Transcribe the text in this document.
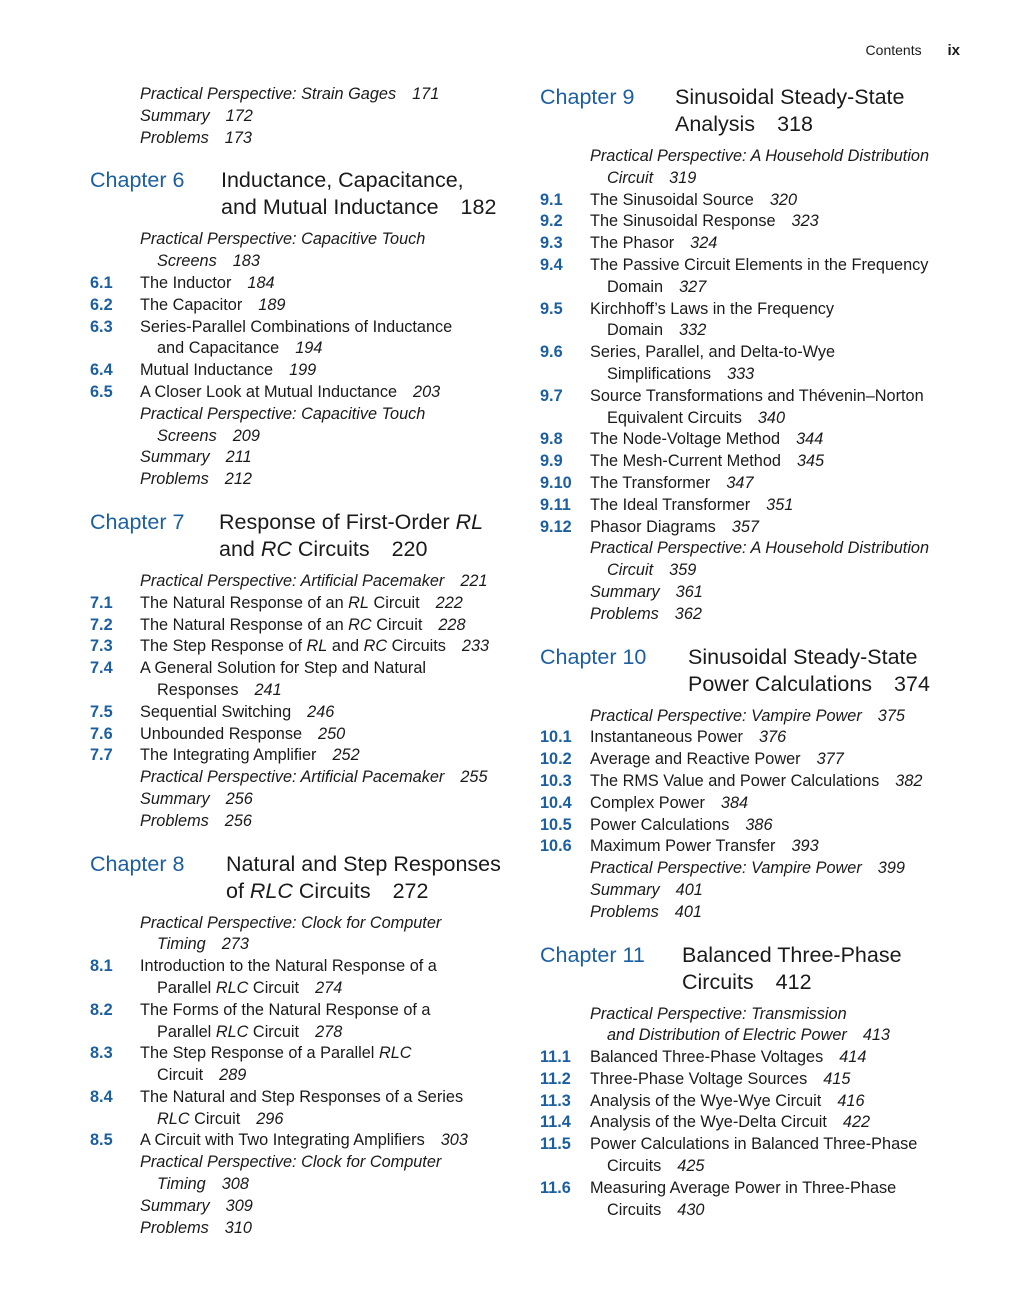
Contents ix
Practical Perspective: Strain Gages 171
Summary 172
Problems 173
Chapter 6	Inductance, Capacitance,
and Mutual Inductance 182
Practical Perspective: Capacitive Touch
Screens 183
6.1 The Inductor 184
6.2 The Capacitor 189
6.3 Series-Parallel Combinations of Inductance
and Capacitance 194
6.4 Mutual Inductance 199
6.5 A Closer Look at Mutual Inductance 203
Practical Perspective: Capacitive Touch
Screens 209
Summary 211
Problems 212
Chapter 7	Response of First-Order RL
and RC Circuits 220
Practical Perspective: Artificial Pacemaker 221
7.1 The Natural Response of an RL Circuit 222
7.2 The Natural Response of an RC Circuit 228
7.3 The Step Response of RL and RC Circuits 233
7.4 A General Solution for Step and Natural
Responses 241
7.5 Sequential Switching 246
7.6 Unbounded Response 250
7.7 The Integrating Amplifier 252
Practical Perspective: Artificial Pacemaker 255
Summary 256
Problems 256
Chapter 8	Natural and Step Responses
of RLC Circuits 272
Practical Perspective: Clock for Computer
Timing 273
8.1 Introduction to the Natural Response of a
Parallel RLC Circuit 274
8.2 The Forms of the Natural Response of a
Parallel RLC Circuit 278
8.3 The Step Response of a Parallel RLC
Circuit 289
8.4 The Natural and Step Responses of a Series
RLC Circuit 296
8.5 A Circuit with Two Integrating Amplifiers 303
Practical Perspective: Clock for Computer
Timing 308
Summary 309
Problems 310
Chapter 9	Sinusoidal Steady-State
Analysis 318
Practical Perspective: A Household Distribution
Circuit 319
9.1 The Sinusoidal Source 320
9.2 The Sinusoidal Response 323
9.3 The Phasor 324
9.4 The Passive Circuit Elements in the Frequency
Domain 327
9.5 Kirchhoff’s Laws in the Frequency
Domain 332
9.6 Series, Parallel, and Delta-to-Wye
Simplifications 333
9.7 Source Transformations and Thévenin–Norton
Equivalent Circuits 340
9.8 The Node-Voltage Method 344
9.9 The Mesh-Current Method 345
9.10 The Transformer 347
9.11 The Ideal Transformer 351
9.12 Phasor Diagrams 357
Practical Perspective: A Household Distribution
Circuit 359
Summary 361
Problems 362
Chapter 10	Sinusoidal Steady-State
Power Calculations 374
Practical Perspective: Vampire Power 375
10.1 Instantaneous Power 376
10.2 Average and Reactive Power 377
10.3 The RMS Value and Power Calculations 382
10.4 Complex Power 384
10.5 Power Calculations 386
10.6 Maximum Power Transfer 393
Practical Perspective: Vampire Power 399
Summary 401
Problems 401
Chapter 11	Balanced Three-Phase
Circuits 412
Practical Perspective: Transmission
and Distribution of Electric Power 413
11.1 Balanced Three-Phase Voltages 414
11.2 Three-Phase Voltage Sources 415
11.3 Analysis of the Wye-Wye Circuit 416
11.4 Analysis of the Wye-Delta Circuit 422
11.5 Power Calculations in Balanced Three-Phase
Circuits 425
11.6 Measuring Average Power in Three-Phase
Circuits 430
